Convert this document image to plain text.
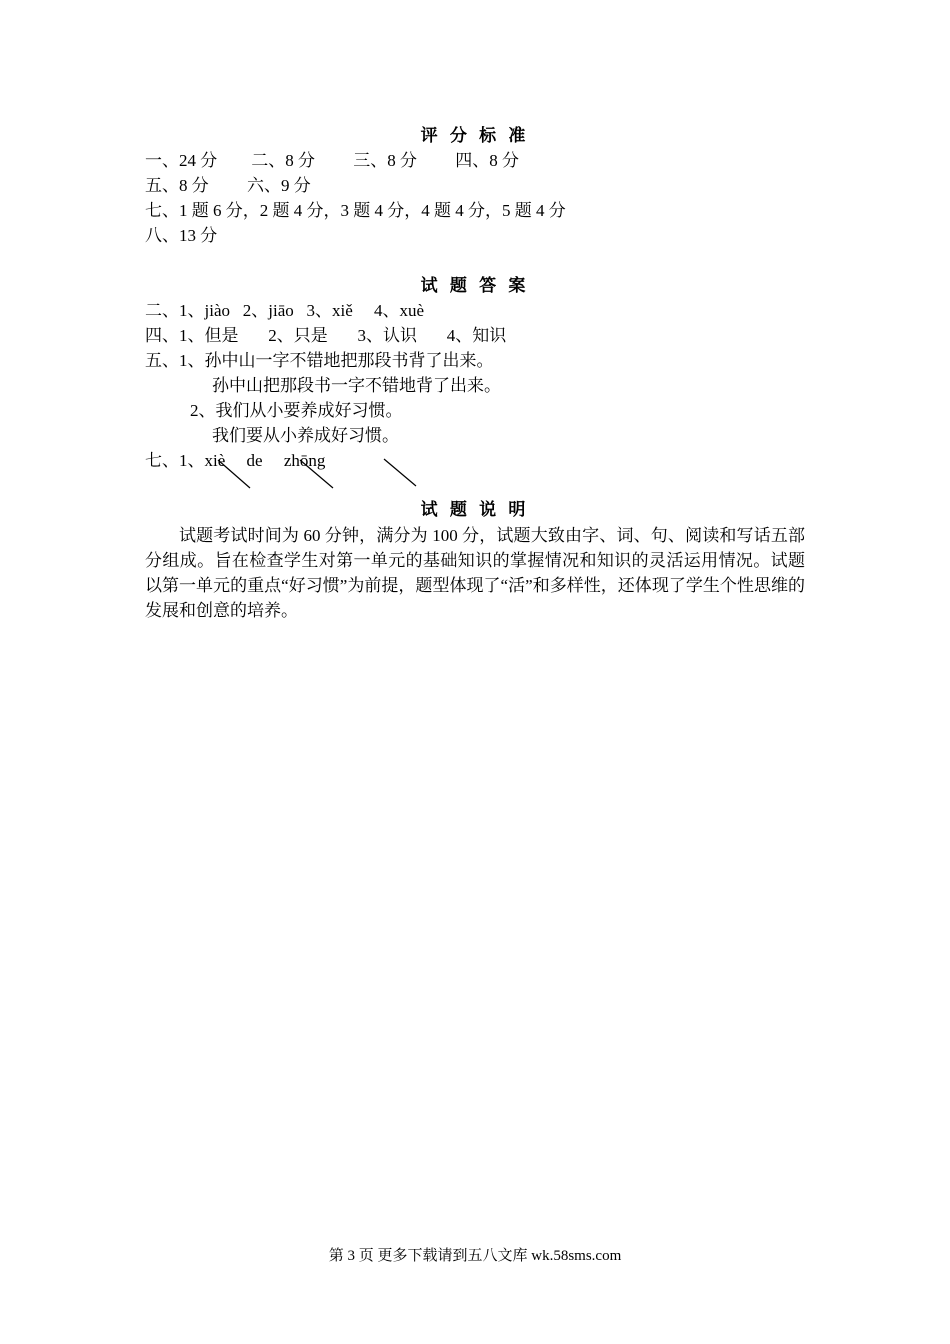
评 分 标 准
一、24 分        二、8 分         三、8 分         四、8 分
五、8 分         六、9 分
七、1 题 6 分，2 题 4 分，3 题 4 分，4 题 4 分，5 题 4 分
八、13 分
试 题 答 案
二、1、jiào   2、jiāo   3、xiě     4、xuè
四、1、但是       2、只是       3、认识       4、知识
五、1、孙中山一字不错地把那段书背了出来。
孙中山把那段书一字不错地背了出来。
2、我们从小要养成好习惯。
我们要从小养成好习惯。
七、1、xiè     de     zhōng
试 题 说 明
试题考试时间为 60 分钟，满分为 100 分，试题大致由字、词、句、阅读和写话五部分组成。旨在检查学生对第一单元的基础知识的掌握情况和知识的灵活运用情况。试题以第一单元的重点“好习惯”为前提，题型体现了“活”和多样性，还体现了学生个性思维的发展和创意的培养。
第 3 页 更多下载请到五八文库 wk.58sms.com
